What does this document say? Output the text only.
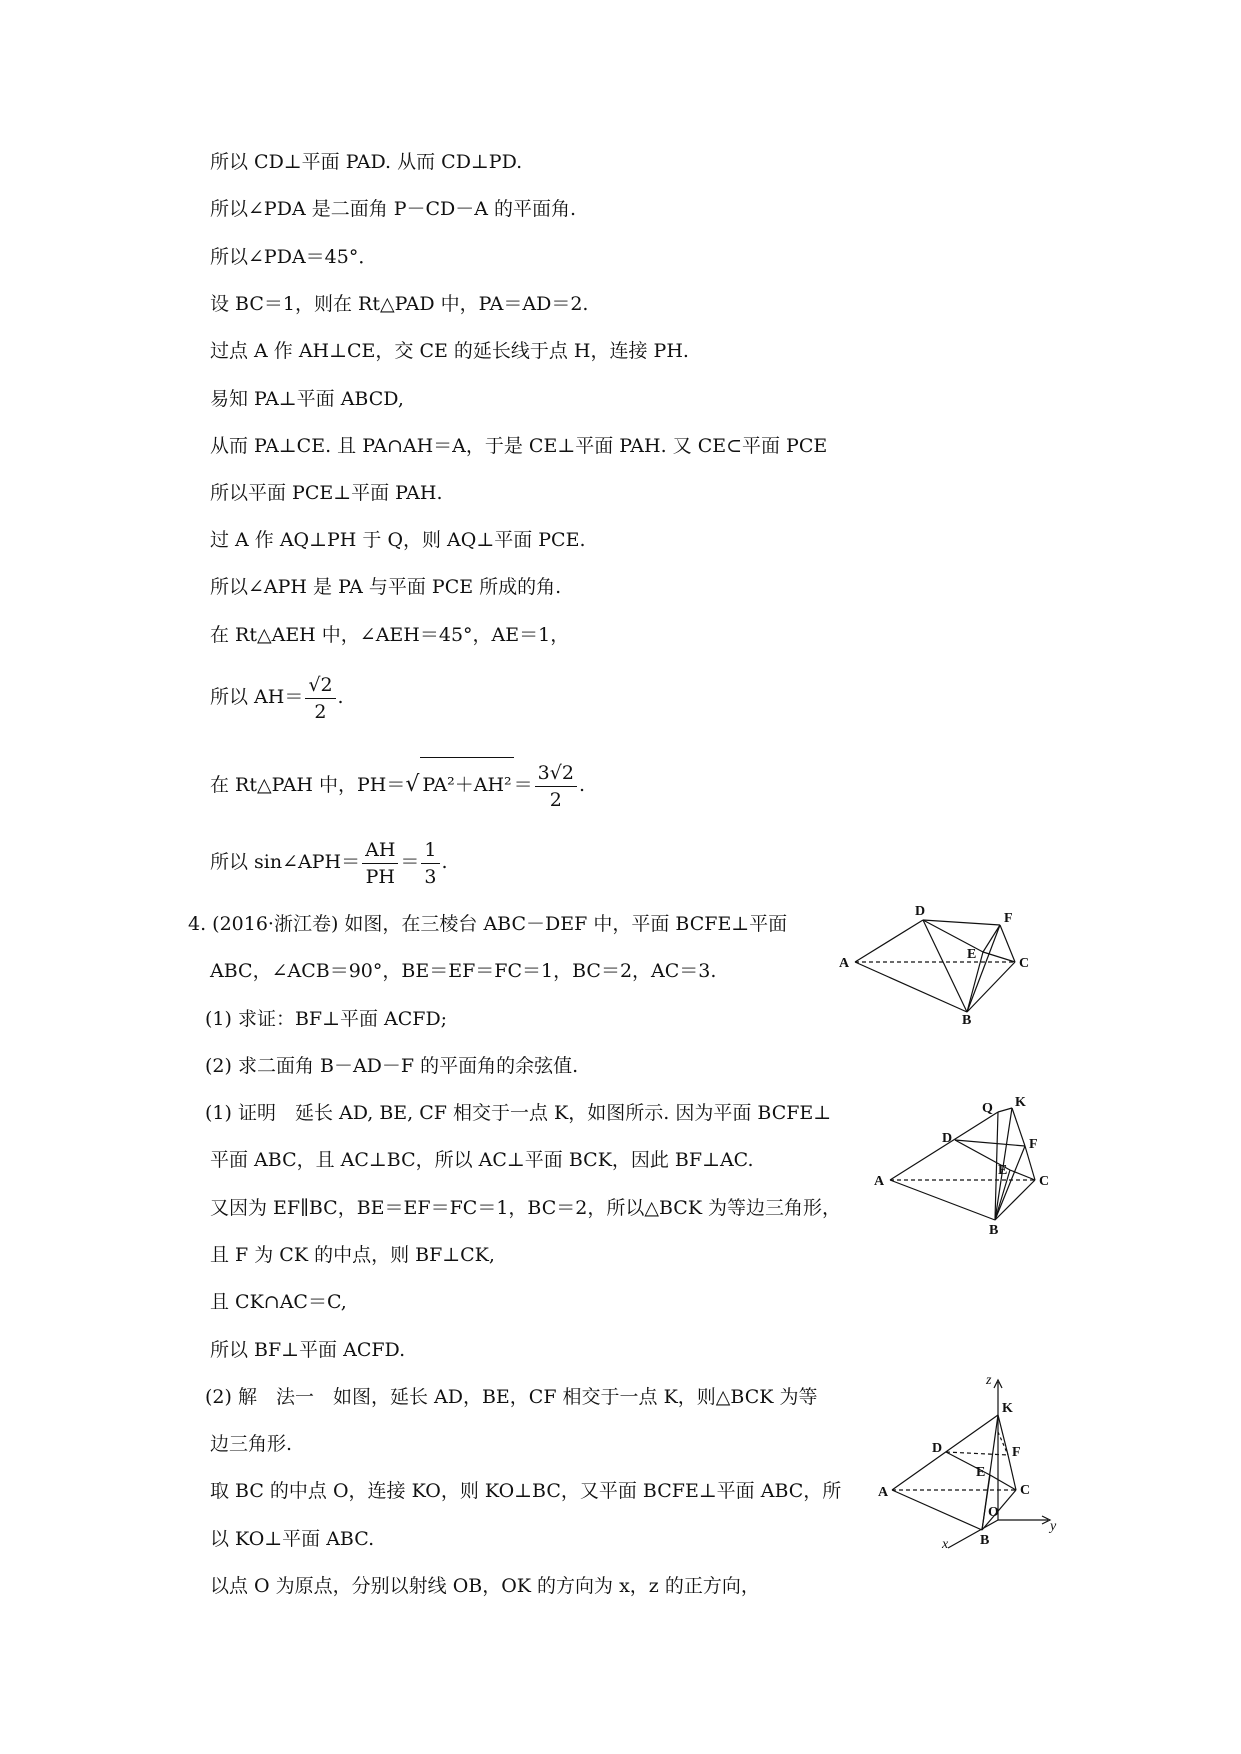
所以 CD⊥平面 PAD. 从而 CD⊥PD.
所以∠PDA 是二面角 P－CD－A 的平面角.
所以∠PDA＝45°．
设 BC＝1，则在 Rt△PAD 中，PA＝AD＝2.
过点 A 作 AH⊥CE，交 CE 的延长线于点 H，连接 PH.
易知 PA⊥平面 ABCD,
从而 PA⊥CE. 且 PA∩AH＝A，于是 CE⊥平面 PAH. 又 CE⊂平面 PCE
所以平面 PCE⊥平面 PAH.
过 A 作 AQ⊥PH 于 Q，则 AQ⊥平面 PCE.
所以∠APH 是 PA 与平面 PCE 所成的角.
在 Rt△AEH 中，∠AEH＝45°，AE＝1，
所以 $AH= \frac{√2}{2}$ .
在 Rt△PAH 中，PH＝√ $PA^2+AH^2 = \frac{3√2}{2}$ .
所以 sin∠APH＝ $\frac{AH}{PH} = \frac{1}{3}$ .
4. (2016·浙江卷) 如图，在三棱台 ABC－DEF 中，平面 BCFE⊥平面
ABC，∠ACB＝90°，BE＝EF＝FC＝1，BC＝2，AC＝3.
(1) 求证：BF⊥平面 ACFD;
(2) 求二面角 B－AD－F 的平面角的余弦值.
(1) 证明　延长 AD, BE, CF 相交于一点 K，如图所示. 因为平面 BCFE⊥
平面 ABC，且 AC⊥BC，所以 AC⊥平面 BCK，因此 BF⊥AC.
又因为 EF∥BC，BE＝EF＝FC＝1，BC＝2，所以△BCK 为等边三角形，
且 F 为 CK 的中点，则 BF⊥CK,
且 CK∩AC＝C,
所以 BF⊥平面 ACFD.
(2) 解　法一　如图，延长 AD，BE，CF 相交于一点 K，则△BCK 为等
边三角形.
取 BC 的中点 O，连接 KO，则 KO⊥BC，又平面 BCFE⊥平面 ABC，所
以 KO⊥平面 ABC.
以点 O 为原点，分别以射线 OB，OK 的方向为 x，z 的正方向，
A
D	F
E
C
B
A
D
Q K
F
E
C
B
z
y
x
K
D	F
E
A	C
O
B
